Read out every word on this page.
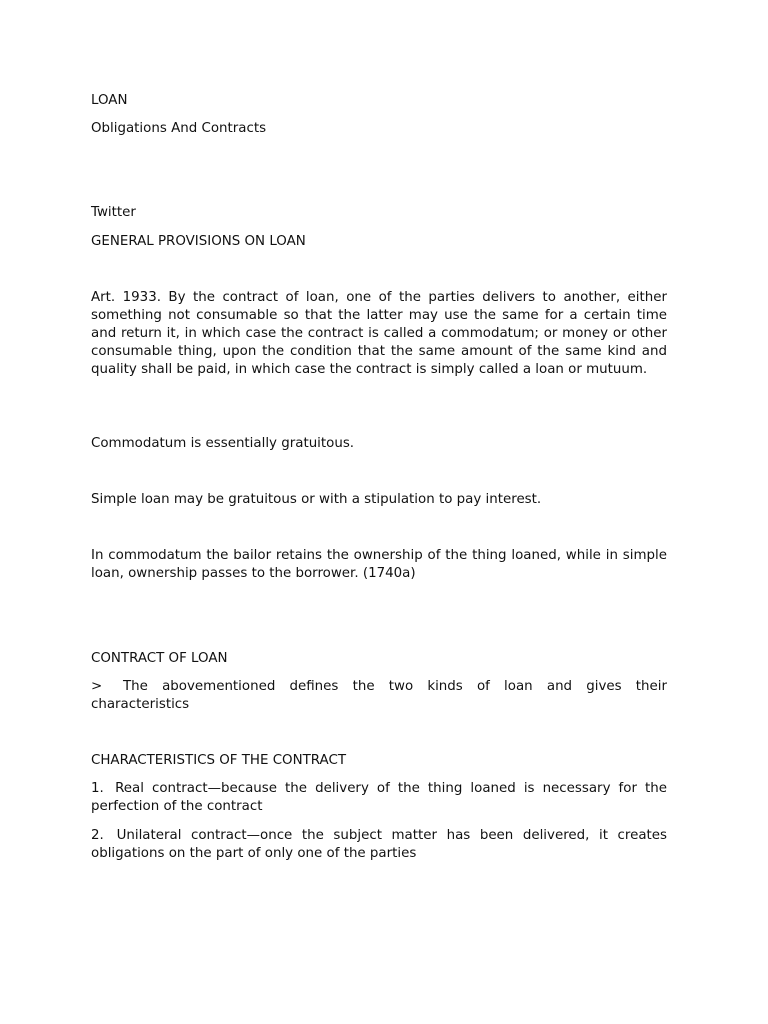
LOAN

Obligations And Contracts

Twitter

GENERAL PROVISIONS ON LOAN

Art. 1933. By the contract of loan, one of the parties delivers to another, either something not consumable so that the latter may use the same for a certain time and return it, in which case the contract is called a commodatum; or money or other consumable thing, upon the condition that the same amount of the same kind and quality shall be paid, in which case the contract is simply called a loan or mutuum.

Commodatum is essentially gratuitous.

Simple loan may be gratuitous or with a stipulation to pay interest.

In commodatum the bailor retains the ownership of the thing loaned, while in simple loan, ownership passes to the borrower. (1740a)

CONTRACT OF LOAN

> The abovementioned defines the two kinds of loan and gives their characteristics

CHARACTERISTICS OF THE CONTRACT

1. Real contract—because the delivery of the thing loaned is necessary for the perfection of the contract

2. Unilateral contract—once the subject matter has been delivered, it creates obligations on the part of only one of the parties
